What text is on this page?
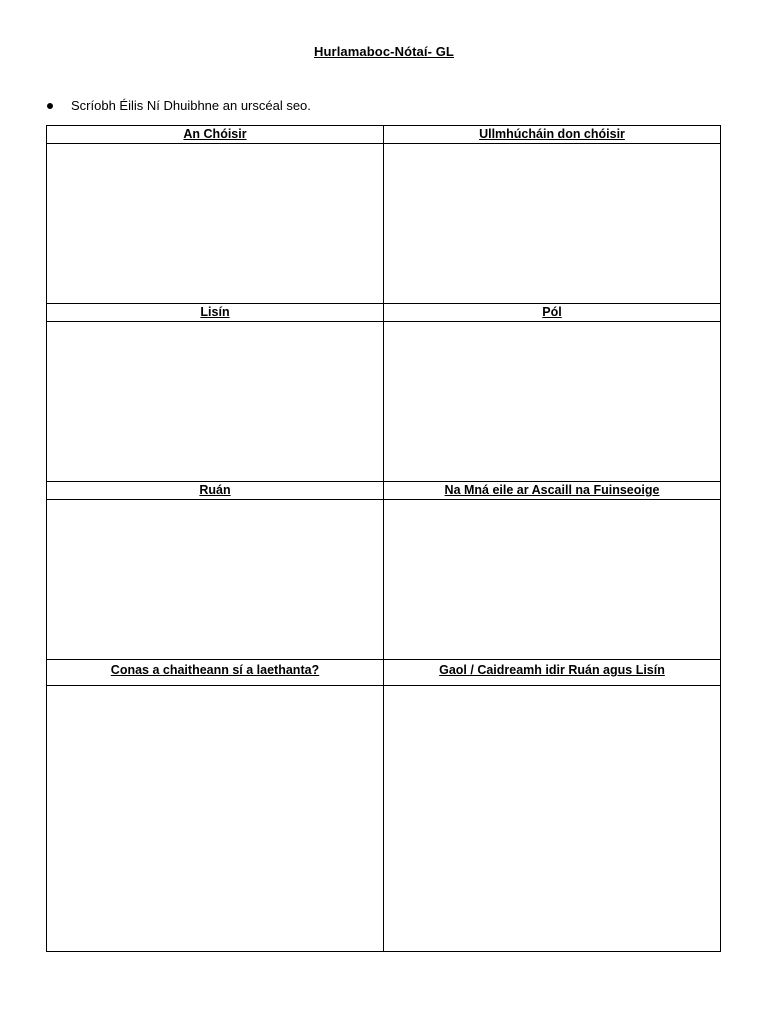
Hurlamaboc-Nótaí- GL
Scríobh Éilis Ní Dhuibhne an urscéal seo.
An Chóisir	Ullmhúcháin don chóisir

Lisín	Pól

Ruán	Na Mná eile ar Ascaill na Fuinseoige

Conas a chaitheann sí a laethanta?	Gaol / Caidreamh idir Ruán agus Lisín
